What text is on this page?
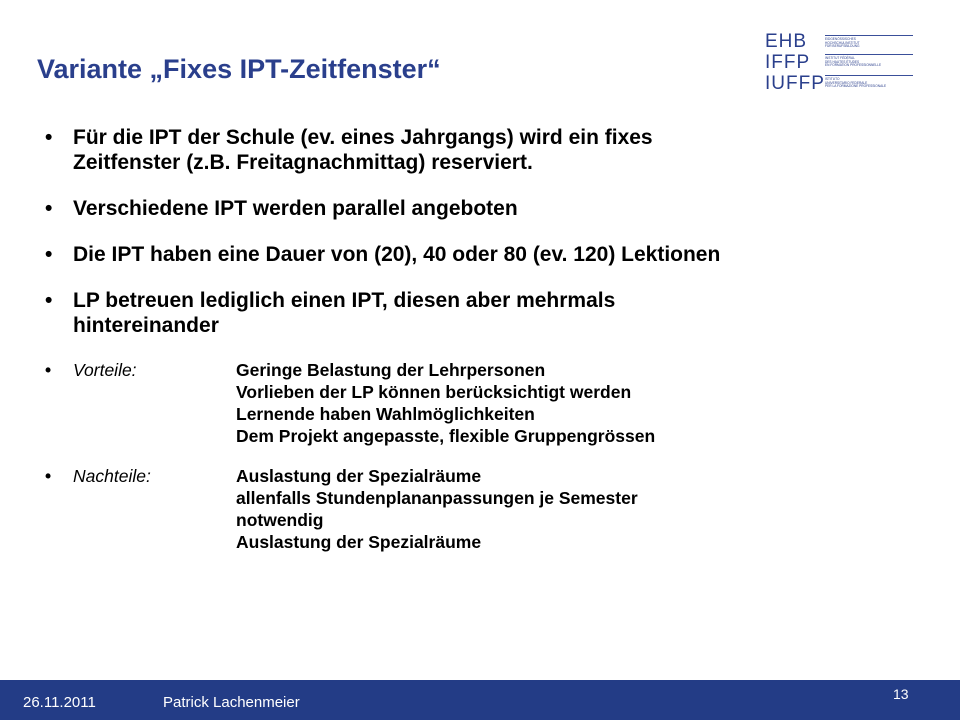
Variante „Fixes IPT-Zeitfenster“
EHB
IFFP
IUFFP
EIDGENÖSSISCHES
HOCHSCHULINSTITUT
FÜR BERUFSBILDUNG
INSTITUT FÉDÉRAL
DES HAUTES ÉTUDES
EN FORMATION PROFESSIONNELLE
ISTITUTO
UNIVERSITARIO FEDERALE
PER LA FORMAZIONE PROFESSIONALE
• Für die IPT der Schule (ev. eines Jahrgangs) wird ein fixes
Zeitfenster (z.B. Freitagnachmittag) reserviert.
• Verschiedene IPT werden parallel angeboten
• Die IPT haben eine Dauer von (20), 40 oder 80 (ev. 120) Lektionen
• LP betreuen lediglich einen IPT, diesen aber mehrmals
hintereinander
•	Vorteile:	Geringe Belastung der Lehrpersonen
Vorlieben der LP können berücksichtigt werden
Lernende haben Wahlmöglichkeiten
Dem Projekt angepasste, flexible Gruppengrössen
•	Nachteile:	Auslastung der Spezialräume
allenfalls Stundenplananpassungen je Semester
notwendig
Auslastung der Spezialräume
26.11.2011	Patrick Lachenmeier	13
